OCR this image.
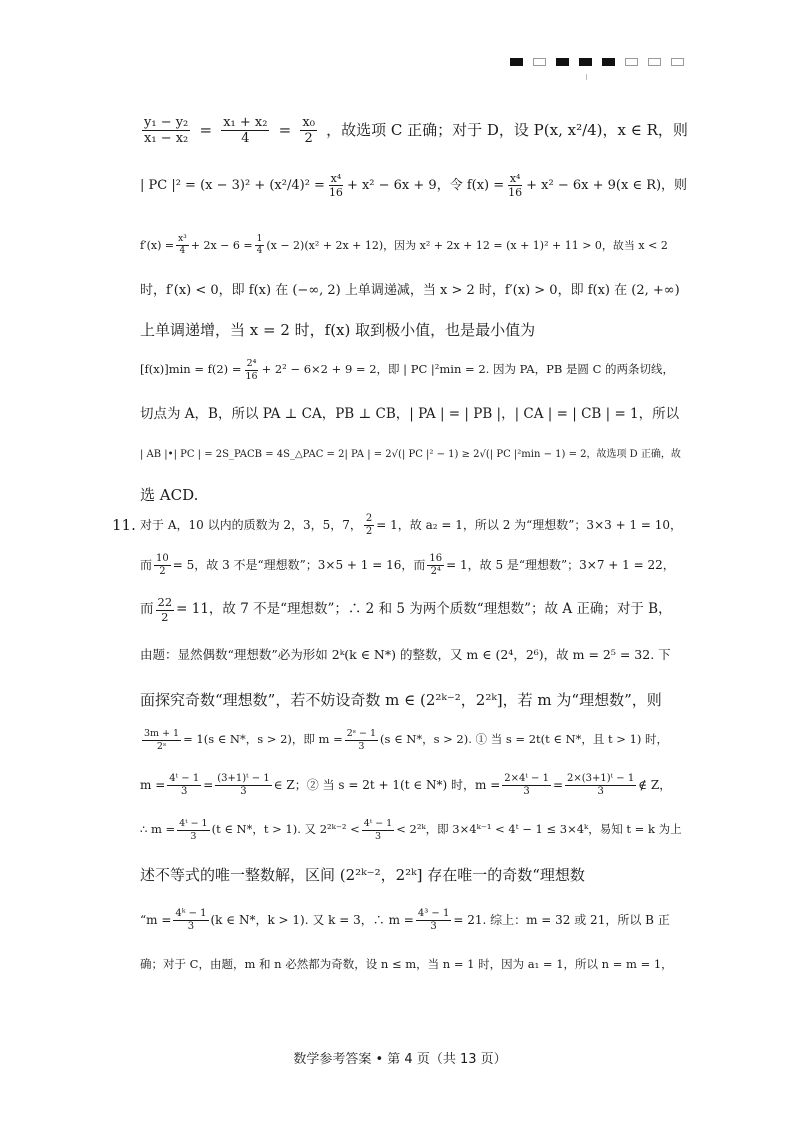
11.
$\frac{\text{y₁ − y₂}}{\text{x₁ − x₂}} = \frac{\text{x₁ + x₂}}{4} = \frac{\text{x₀}}{2}$ ，故选项 C 正确；对于 D，设 P(x, x²/4)，x ∈ R，则
| PC $|^2 = (x - 3)^2 + (x^2/4)^2 = \frac{\text{x⁴}}{16} + x^2 - 6x + 9$，令 $f(x) = \frac{\text{x⁴}}{16} + x^2 - 6x + 9(x$ ∈ R)，则
$f'(x) = \frac{\text{x³}}{4} + 2x - 6 = \frac{1}{4} (x - 2)(x^2 + 2x + 12)$，因为 x² + 2x + 12 = (x + 1)² + 11 > 0，故当 x < 2
时，f′(x) < 0，即 f(x) 在 (−∞, 2) 上单调递减，当 x > 2 时，f′(x) > 0，即 f(x) 在 (2, +∞)
上单调递增，当 x = 2 时，f(x) 取到极小值，也是最小值为
$[f(x)]\min = f(2) = \frac{\text{2⁴}}{16} + 2^2 - 6\times 2 + 9 = 2$，即 | PC |²min = 2. 因为 PA，PB 是圆 C 的两条切线，
切点为 A，B，所以 PA ⊥ CA，PB ⊥ CB，| PA | = | PB |，| CA | = | CB | = 1，所以
| AB |•| PC | = 2S_PACB = 4S_△PAC = 2| PA | = 2√(| PC |² − 1) ≥ 2√(| PC |²min − 1) = 2，故选项 D 正确，故
选 ACD.
对于 A，10 以内的质数为 2，3，5，7， $\frac{2}{2} = 1$，故 a₂ = 1，所以 2 为“理想数”；3×3 + 1 = 10，
而 $\frac{10}{2} = 5$，故 3 不是“理想数”；3×5 + 1 = 16，而 $\frac{16}{\text{2⁴}} = 1$，故 5 是“理想数”；3×7 + 1 = 22，
而 $\frac{22}{2} = 11$，故 7 不是“理想数”；∴ 2 和 5 为两个质数“理想数”；故 A 正确；对于 B，
由题：显然偶数“理想数”必为形如 2ᵏ(k ∈ N*) 的整数，又 m ∈ (2⁴，2⁶)，故 m = 2⁵ = 32. 下
面探究奇数“理想数”，若不妨设奇数 m ∈ (2²ᵏ⁻²，2²ᵏ]，若 m 为“理想数”，则
$\frac{3m + 1}{\text{2ˢ}} = 1(s$ ∈ N*，s > 2)，即 $m = \frac{\text{2ˢ − 1}}{3} (s$ ∈ N*，s > 2). ① 当 s = 2t(t ∈ N*，且 t > 1) 时，
$m = \frac{\text{4ᵗ − 1}}{3} = \frac{\text{(3+1)ᵗ − 1}}{3}$ ∈ Z；② 当 s = 2t + 1(t ∈ N*) 时，$m = \frac{\text{2×4ᵗ − 1}}{3} = \frac{\text{2×(3+1)ᵗ − 1}}{3}$ ∉ Z，
∴ $m = \frac{\text{4ᵗ − 1}}{3} (t$ ∈ N*，t > 1). 又 2²ᵏ⁻² < $\frac{\text{4ᵗ − 1}}{3}$ < 2²ᵏ，即 3×4ᵏ⁻¹ < 4ᵗ − 1 ≤ 3×4ᵏ，易知 t = k 为上
述不等式的唯一整数解，区间 (2²ᵏ⁻²，2²ᵏ] 存在唯一的奇数“理想数
“$m = \frac{\text{4ᵏ − 1}}{3} (k$ ∈ N*，k > 1). 又 k = 3，∴ $m = \frac{\text{4³ − 1}}{3} = 21$. 综上：m = 32 或 21，所以 B 正
确；对于 C，由题，m 和 n 必然都为奇数，设 n ≤ m，当 n = 1 时，因为 a₁ = 1，所以 n = m = 1，
数学参考答案 • 第 4 页（共 13 页）
